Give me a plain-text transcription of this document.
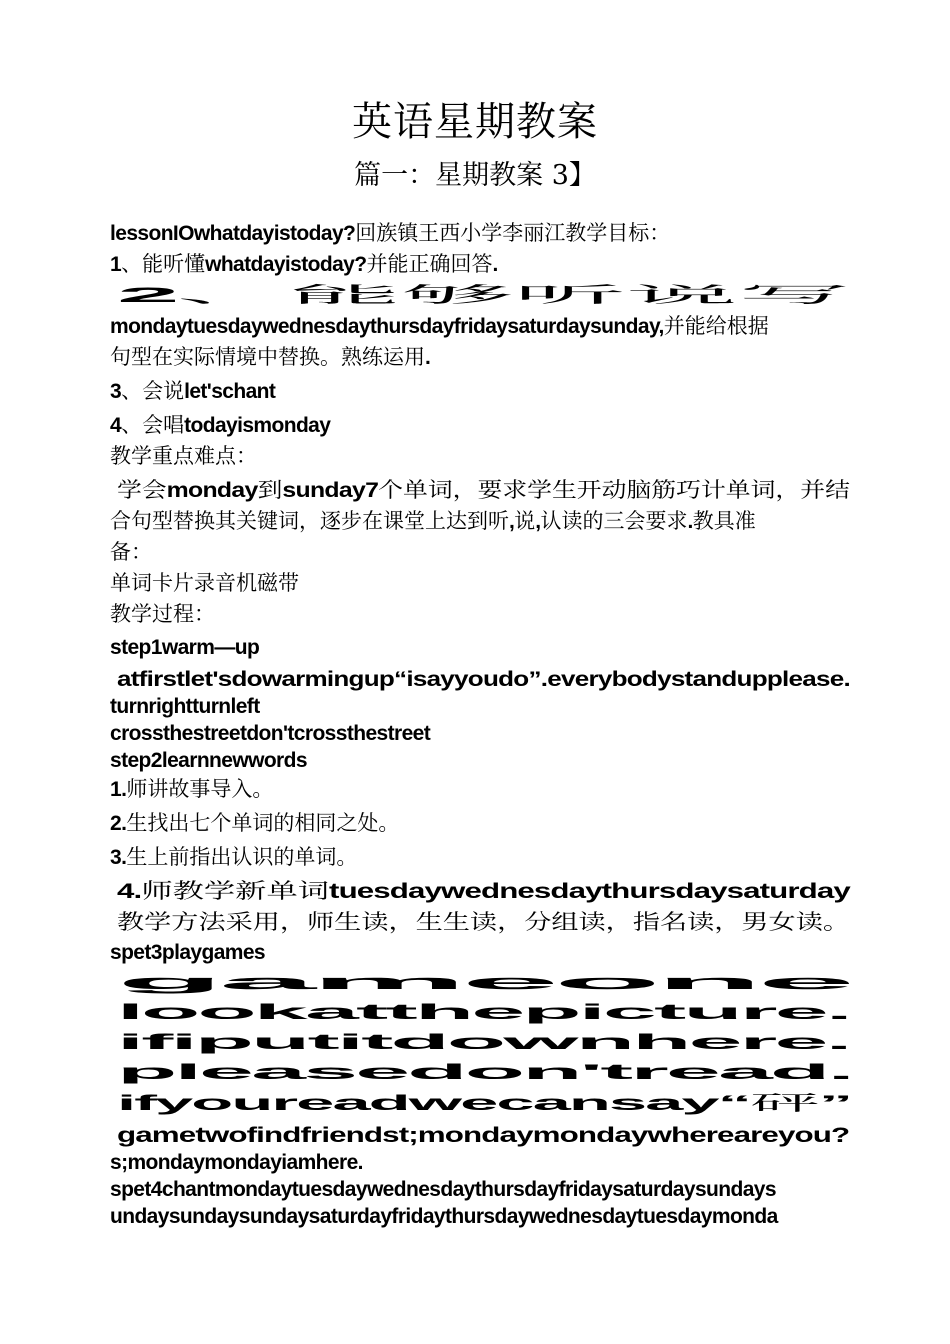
英语星期教案
篇一：星期教案 3】

lessonIOwhatdayistoday?回族镇王西小学李丽江教学目标：

1、能听懂whatdayistoday?并能正确回答.

2、能够听说写

mondaytuesdaywednesdaythursdayfridaysaturdaysunday,并能给根据

句型在实际情境中替换。熟练运用.

3、会说let'schant

4、会唱todayismonday

教学重点难点：

学会monday到sunday7个单词，要求学生开动脑筋巧计单词，并结

合句型替换其关键词，逐步在课堂上达到听,说,认读的三会要求.教具准

备：

单词卡片录音机磁带

教学过程：

step1warm—up

atfirstlet'sdowarmingup“isayyoudo”.everybodystandupplease.

turnrightturnleft

crossthestreetdon'tcrossthestreet

step2learnnewwords

1.师讲故事导入。

2.生找出七个单词的相同之处。

3.生上前指出认识的单词。

4.师教学新单词tuesdaywednesdaythursdaysaturday

教学方法采用，师生读，生生读，分组读，指名读，男女读。

spet3playgames

gameone

lookatthepicture.

ifiputitdownhere.

pleasedon'tread.

ifyoureadwecansay“砰”

gametwofindfriendst;mondaymondaywhereareyou?

s;mondaymondayiamhere.

spet4chantmondaytuesdaywednesdaythursdayfridaysaturdaysundays

undaysundaysundaysaturdayfridaythursdaywednesdaytuesdaymonda
